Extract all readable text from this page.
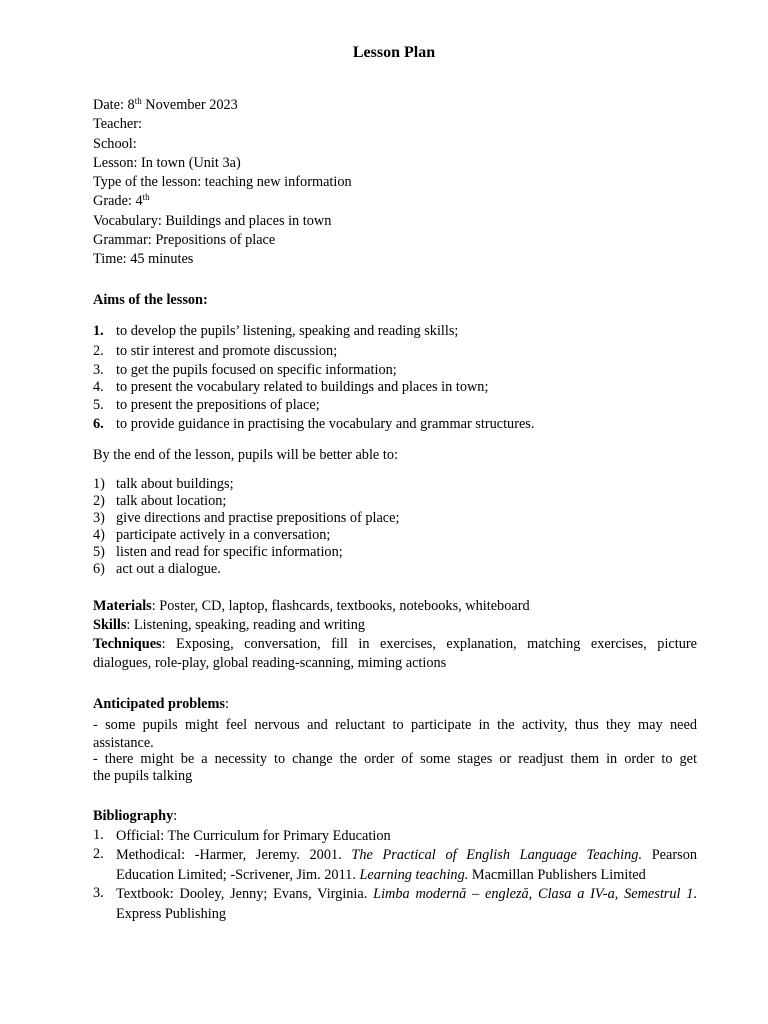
Lesson Plan
Date: 8th November 2023
Teacher:
School:
Lesson: In town (Unit 3a)
Type of the lesson: teaching new information
Grade: 4th
Vocabulary: Buildings and places in town
Grammar: Prepositions of place
Time: 45 minutes
Aims of the lesson:
1. to develop the pupils’ listening, speaking and reading skills;
2. to stir interest and promote discussion;
3. to get the pupils focused on specific information;
4. to present the vocabulary related to buildings and places in town;
5. to present the prepositions of place;
6. to provide guidance in practising the vocabulary and grammar structures.
By the end of the lesson, pupils will be better able to:
1) talk about buildings;
2) talk about location;
3) give directions and practise prepositions of place;
4) participate actively in a conversation;
5) listen and read for specific information;
6) act out a dialogue.
Materials: Poster, CD, laptop, flashcards, textbooks, notebooks, whiteboard
Skills: Listening, speaking, reading and writing
Techniques: Exposing, conversation, fill in exercises, explanation, matching exercises, picture
dialogues, role-play, global reading-scanning, miming actions
Anticipated problems:
- some pupils might feel nervous and reluctant to participate in the activity, thus they may need
assistance.
- there might be a necessity to change the order of some stages or readjust them in order to get
the pupils talking
Bibliography:
1. Official: The Curriculum for Primary Education
2. Methodical: -Harmer, Jeremy. 2001. The Practical of English Language Teaching. Pearson Education Limited; -Scrivener, Jim. 2011. Learning teaching. Macmillan Publishers Limited
3. Textbook: Dooley, Jenny; Evans, Virginia. Limba modernă – engleză, Clasa a IV-a, Semestrul 1. Express Publishing
